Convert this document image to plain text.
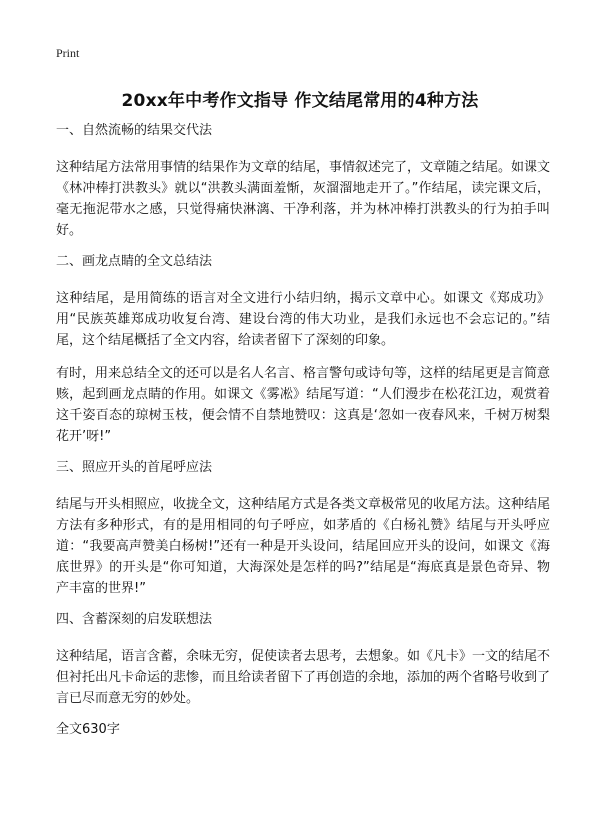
Print
20xx年中考作文指导 作文结尾常用的4种方法

一、自然流畅的结果交代法

这种结尾方法常用事情的结果作为文章的结尾，事情叙述完了，文章随之结尾。如课文《林冲棒打洪教头》就以“洪教头满面羞惭，灰溜溜地走开了。”作结尾，读完课文后，毫无拖泥带水之感，只觉得痛快淋漓、干净利落，并为林冲棒打洪教头的行为拍手叫好。

二、画龙点睛的全文总结法

这种结尾，是用简练的语言对全文进行小结归纳，揭示文章中心。如课文《郑成功》用“民族英雄郑成功收复台湾、建设台湾的伟大功业，是我们永远也不会忘记的。”结尾，这个结尾概括了全文内容，给读者留下了深刻的印象。

有时，用来总结全文的还可以是名人名言、格言警句或诗句等，这样的结尾更是言简意赅，起到画龙点睛的作用。如课文《雾凇》结尾写道：“人们漫步在松花江边，观赏着这千姿百态的琼树玉枝，便会情不自禁地赞叹：这真是‘忽如一夜春风来，千树万树梨花开’呀!”

三、照应开头的首尾呼应法

结尾与开头相照应，收拢全文，这种结尾方式是各类文章极常见的收尾方法。这种结尾方法有多种形式，有的是用相同的句子呼应，如茅盾的《白杨礼赞》结尾与开头呼应道：“我要高声赞美白杨树!”还有一种是开头设问，结尾回应开头的设问，如课文《海底世界》的开头是“你可知道，大海深处是怎样的吗?”结尾是“海底真是景色奇异、物产丰富的世界!”

四、含蓄深刻的启发联想法

这种结尾，语言含蓄，余味无穷，促使读者去思考，去想象。如《凡卡》一文的结尾不但衬托出凡卡命运的悲惨，而且给读者留下了再创造的余地，添加的两个省略号收到了言已尽而意无穷的妙处。

全文630字
